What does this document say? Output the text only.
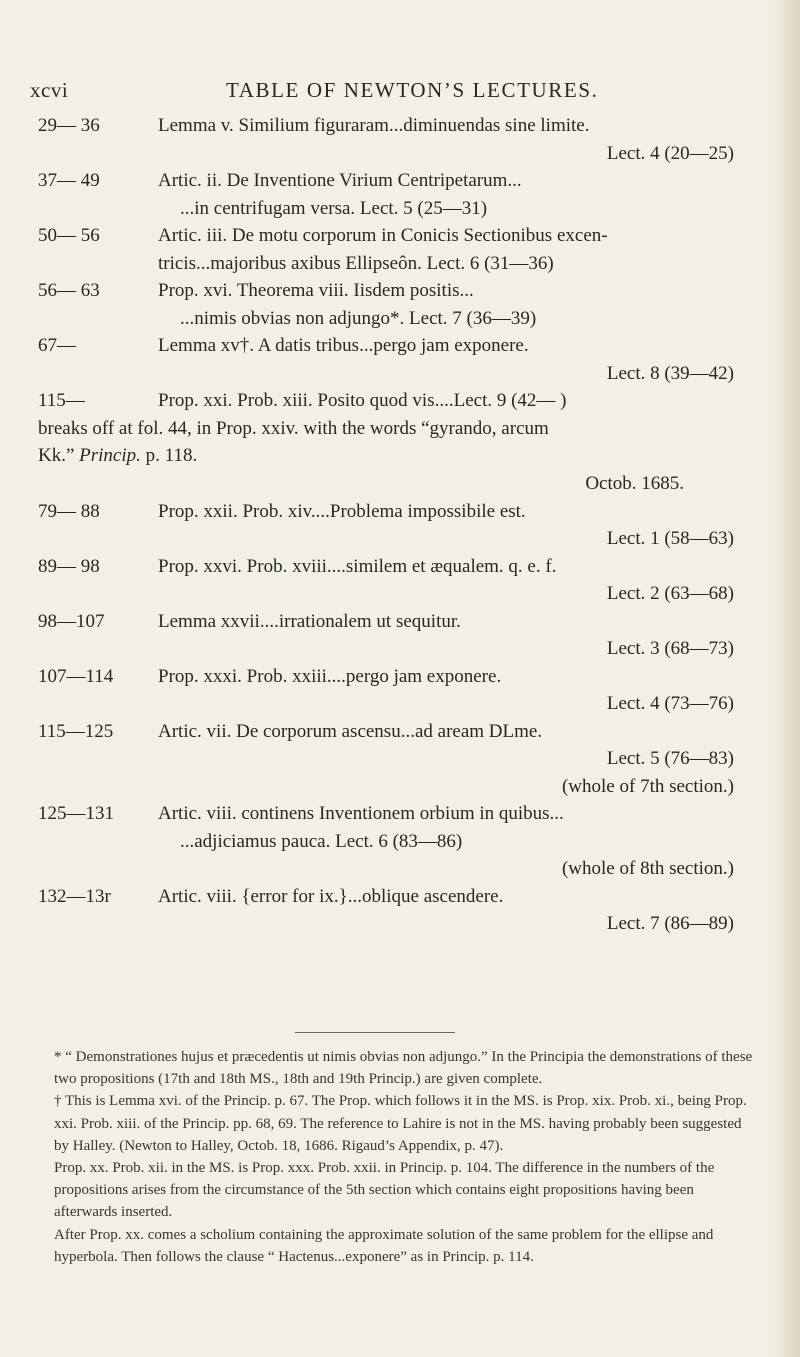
xcvi	TABLE OF NEWTON’S LECTURES.
29— 36	Lemma v. Similium figuraram...diminuendas sine limite.
Lect. 4 (20—25)
37— 49	Artic. ii. De Inventione Virium Centripetarum...
...in centrifugam versa. Lect. 5 (25—31)
50— 56	Artic. iii. De motu corporum in Conicis Sectionibus excen-
tricis...majoribus axibus Ellipseôn. Lect. 6 (31—36)
56— 63	Prop. xvi. Theorema viii. Iisdem positis...
...nimis obvias non adjungo*. Lect. 7 (36—39)
67—	Lemma xv†. A datis tribus...pergo jam exponere.
Lect. 8 (39—42)
115—	Prop. xxi. Prob. xiii. Posito quod vis....Lect. 9 (42— )
breaks off at fol. 44, in Prop. xxiv. with the words “gyrando, arcum
Kk.” Princip. p. 118.
Octob. 1685.
79— 88	Prop. xxii. Prob. xiv....Problema impossibile est.
Lect. 1 (58—63)
89— 98	Prop. xxvi. Prob. xviii....similem et æqualem. q. e. f.
Lect. 2 (63—68)
98—107	Lemma xxvii....irrationalem ut sequitur.
Lect. 3 (68—73)
107—114	Prop. xxxi. Prob. xxiii....pergo jam exponere.
Lect. 4 (73—76)
115—125	Artic. vii. De corporum ascensu...ad aream DLme.
Lect. 5 (76—83)
(whole of 7th section.)
125—131	Artic. viii. continens Inventionem orbium in quibus...
...adjiciamus pauca. Lect. 6 (83—86)
(whole of 8th section.)
132—13r	Artic. viii. {error for ix.}...oblique ascendere.
Lect. 7 (86—89)

* “ Demonstrationes hujus et præcedentis ut nimis obvias non adjungo.” In the Principia the demonstrations of these two propositions (17th and 18th MS., 18th and 19th Princip.) are given complete.

† This is Lemma xvi. of the Princip. p. 67. The Prop. which follows it in the MS. is Prop. xix. Prob. xi., being Prop. xxi. Prob. xiii. of the Princip. pp. 68, 69. The reference to Lahire is not in the MS. having probably been suggested by Halley. (Newton to Halley, Octob. 18, 1686. Rigaud’s Appendix, p. 47).

Prop. xx. Prob. xii. in the MS. is Prop. xxx. Prob. xxii. in Princip. p. 104. The difference in the numbers of the propositions arises from the circumstance of the 5th section which contains eight propositions having been afterwards inserted.

After Prop. xx. comes a scholium containing the approximate solution of the same problem for the ellipse and hyperbola. Then follows the clause “ Hactenus...exponere” as in Princip. p. 114.
